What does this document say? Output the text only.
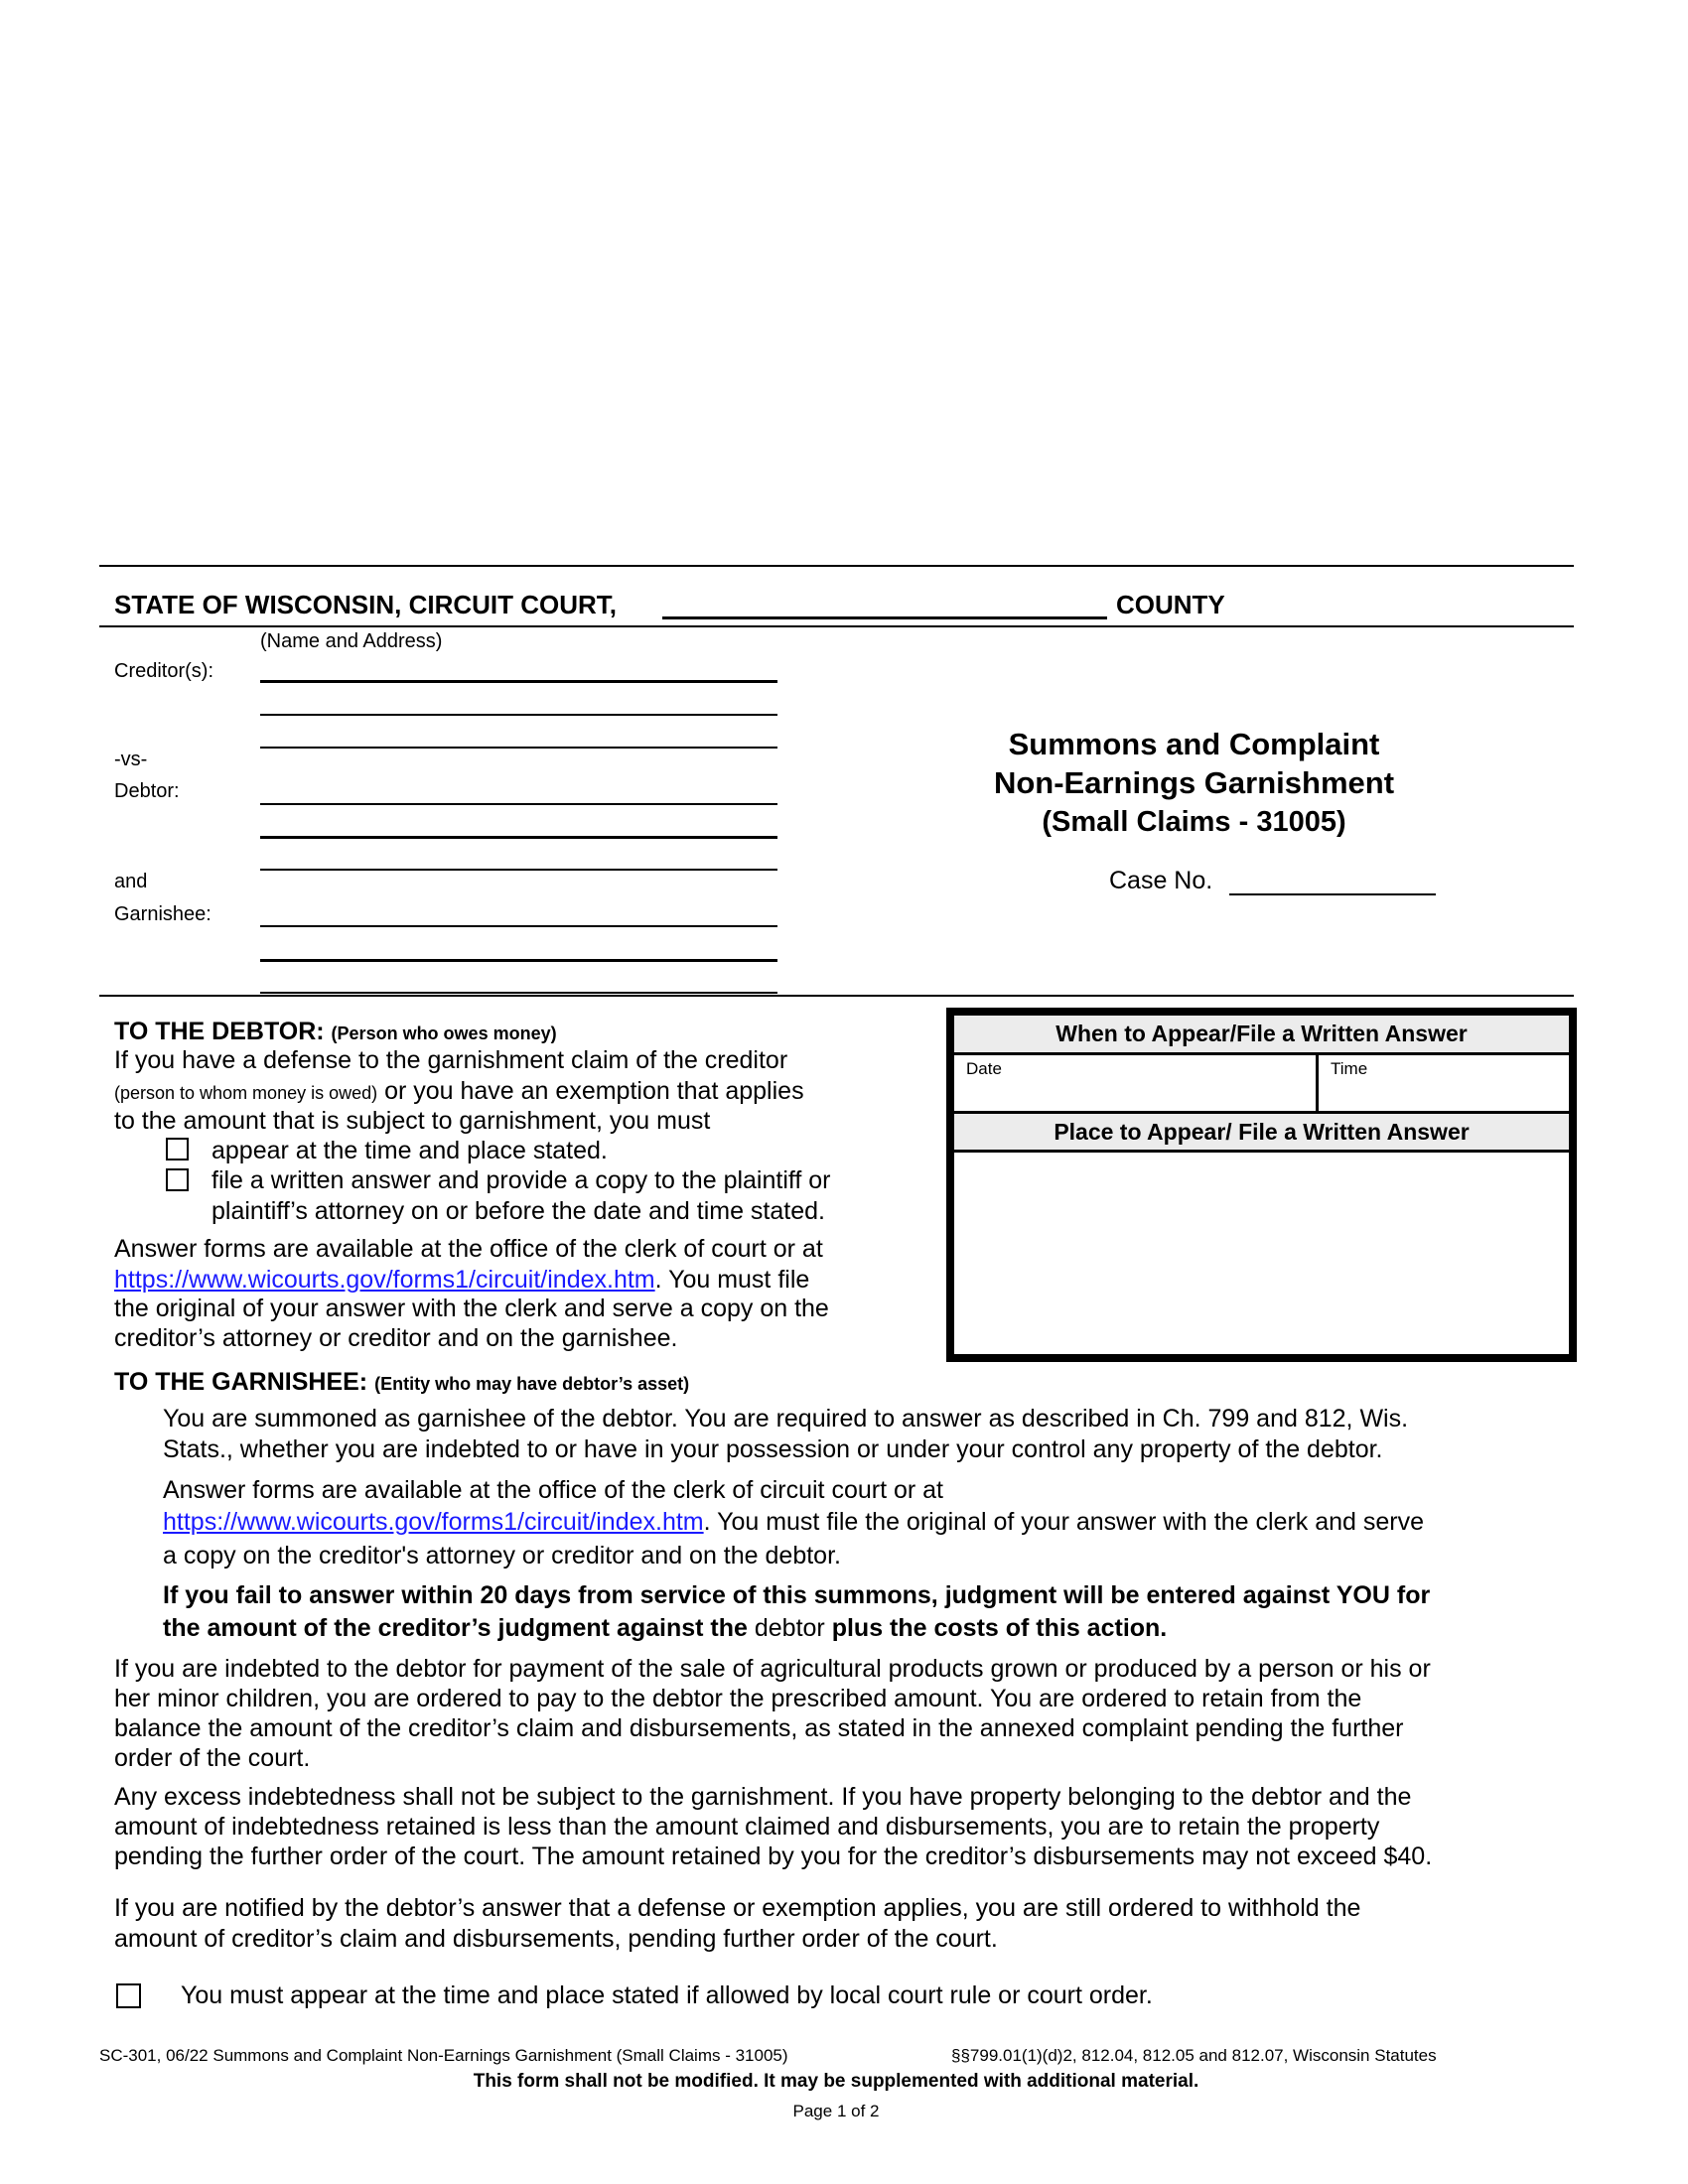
STATE OF WISCONSIN, CIRCUIT COURT,	COUNTY
(Name and Address)
Creditor(s):
-vs-
Debtor:
and
Garnishee:
Summons and Complaint
Non-Earnings Garnishment
(Small Claims - 31005)
Case No.
When to Appear/File a Written Answer
Date	Time
Place to Appear/ File a Written Answer
TO THE DEBTOR: (Person who owes money)
If you have a defense to the garnishment claim of the creditor
(person to whom money is owed) or you have an exemption that applies
to the amount that is subject to garnishment, you must
appear at the time and place stated.
file a written answer and provide a copy to the plaintiff or
plaintiff’s attorney on or before the date and time stated.
Answer forms are available at the office of the clerk of court or at
https://www.wicourts.gov/forms1/circuit/index.htm. You must file
the original of your answer with the clerk and serve a copy on the
creditor’s attorney or creditor and on the garnishee.
TO THE GARNISHEE: (Entity who may have debtor’s asset)
You are summoned as garnishee of the debtor. You are required to answer as described in Ch. 799 and 812, Wis.
Stats., whether you are indebted to or have in your possession or under your control any property of the debtor.
Answer forms are available at the office of the clerk of circuit court or at
https://www.wicourts.gov/forms1/circuit/index.htm. You must file the original of your answer with the clerk and serve
a copy on the creditor's attorney or creditor and on the debtor.
If you fail to answer within 20 days from service of this summons, judgment will be entered against YOU for
the amount of the creditor’s judgment against the debtor plus the costs of this action.
If you are indebted to the debtor for payment of the sale of agricultural products grown or produced by a person or his or
her minor children, you are ordered to pay to the debtor the prescribed amount. You are ordered to retain from the
balance the amount of the creditor’s claim and disbursements, as stated in the annexed complaint pending the further
order of the court.
Any excess indebtedness shall not be subject to the garnishment. If you have property belonging to the debtor and the
amount of indebtedness retained is less than the amount claimed and disbursements, you are to retain the property
pending the further order of the court. The amount retained by you for the creditor’s disbursements may not exceed $40.
If you are notified by the debtor’s answer that a defense or exemption applies, you are still ordered to withhold the
amount of creditor’s claim and disbursements, pending further order of the court.
You must appear at the time and place stated if allowed by local court rule or court order.
SC-301, 06/22 Summons and Complaint Non-Earnings Garnishment (Small Claims - 31005)	§§799.01(1)(d)2, 812.04, 812.05 and 812.07, Wisconsin Statutes
This form shall not be modified. It may be supplemented with additional material.
Page 1 of 2
